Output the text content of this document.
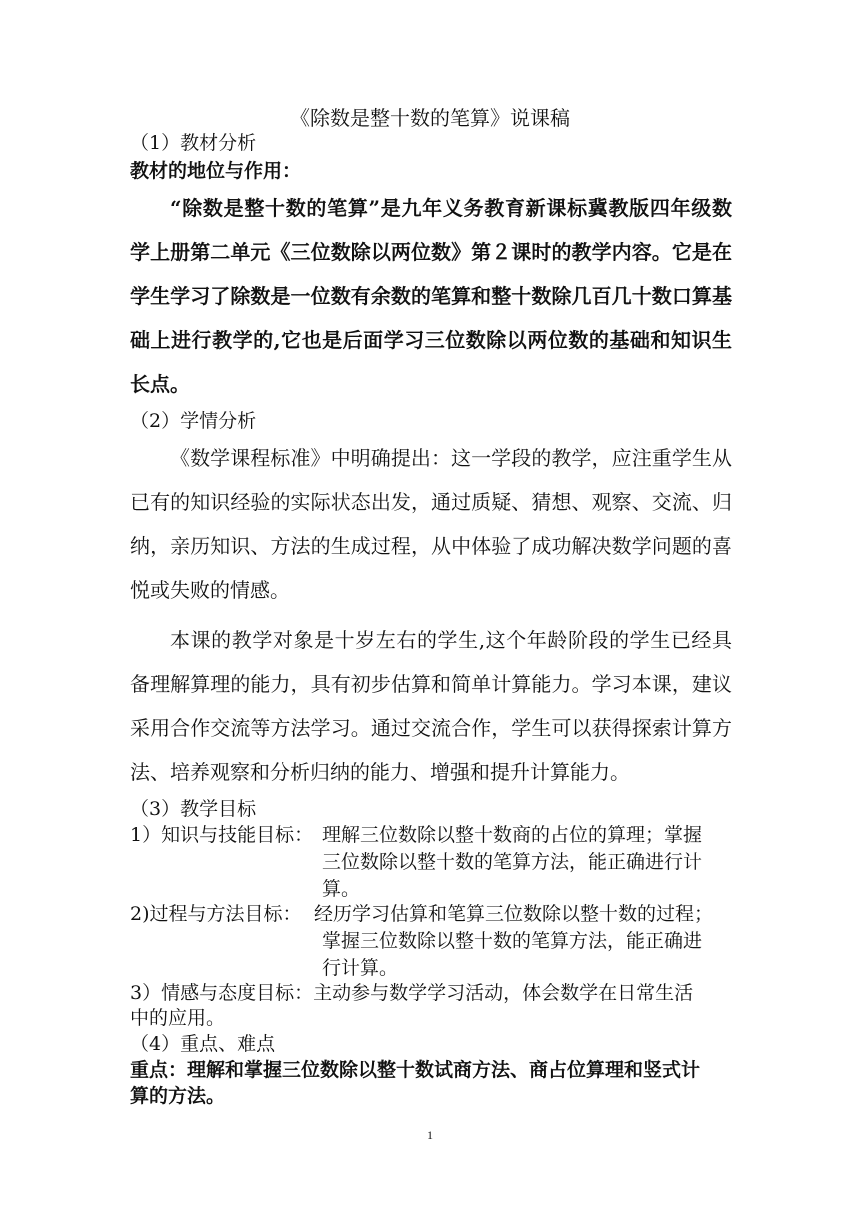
《除数是整十数的笔算》说课稿
（1）教材分析
教材的地位与作用：
“除数是整十数的笔算”是九年义务教育新课标冀教版四年级数学上册第二单元《三位数除以两位数》第２课时的教学内容。它是在学生学习了除数是一位数有余数的笔算和整十数除几百几十数口算基础上进行教学的,它也是后面学习三位数除以两位数的基础和知识生长点。
（2）学情分析
《数学课程标准》中明确提出：这一学段的教学，应注重学生从已有的知识经验的实际状态出发，通过质疑、猜想、观察、交流、归纳，亲历知识、方法的生成过程，从中体验了成功解决数学问题的喜悦或失败的情感。
本课的教学对象是十岁左右的学生,这个年龄阶段的学生已经具备理解算理的能力，具有初步估算和简单计算能力。学习本课，建议采用合作交流等方法学习。通过交流合作，学生可以获得探索计算方法、培养观察和分析归纳的能力、增强和提升计算能力。
（3）教学目标
1）知识与技能目标： 理解三位数除以整十数商的占位的算理；掌握
三位数除以整十数的笔算方法，能正确进行计
算。
2)过程与方法目标： 经历学习估算和笔算三位数除以整十数的过程；
掌握三位数除以整十数的笔算方法，能正确进
行计算。
3）情感与态度目标：主动参与数学学习活动，体会数学在日常生活
中的应用。
（4）重点、难点
重点：理解和掌握三位数除以整十数试商方法、商占位算理和竖式计
算的方法。
1
